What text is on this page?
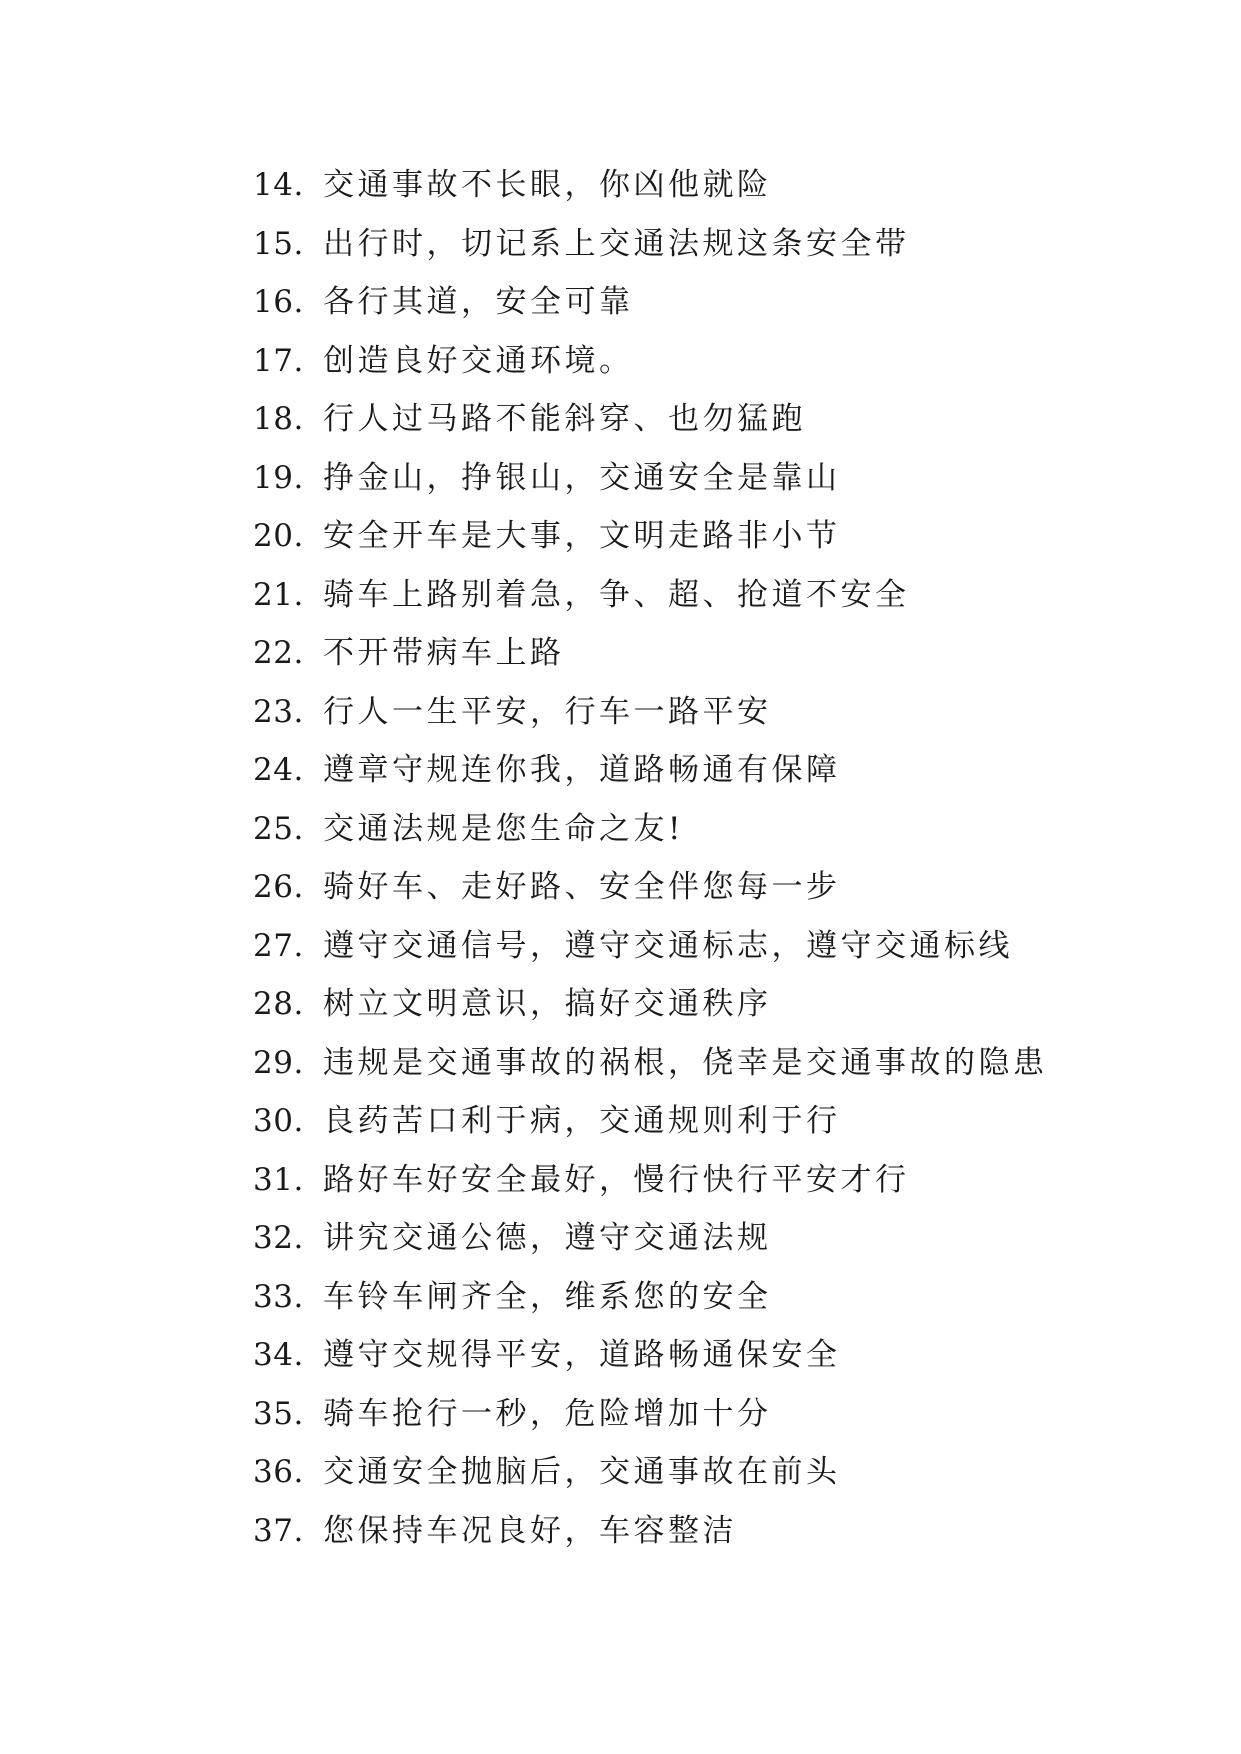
14. 交通事故不长眼，你凶他就险
15. 出行时，切记系上交通法规这条安全带
16. 各行其道，安全可靠
17. 创造良好交通环境。
18. 行人过马路不能斜穿、也勿猛跑
19. 挣金山，挣银山，交通安全是靠山
20. 安全开车是大事，文明走路非小节
21. 骑车上路别着急，争、超、抢道不安全
22. 不开带病车上路
23. 行人一生平安，行车一路平安
24. 遵章守规连你我，道路畅通有保障
25. 交通法规是您生命之友!
26. 骑好车、走好路、安全伴您每一步
27. 遵守交通信号，遵守交通标志，遵守交通标线
28. 树立文明意识，搞好交通秩序
29. 违规是交通事故的祸根，侥幸是交通事故的隐患
30. 良药苦口利于病，交通规则利于行
31. 路好车好安全最好，慢行快行平安才行
32. 讲究交通公德，遵守交通法规
33. 车铃车闸齐全，维系您的安全
34. 遵守交规得平安，道路畅通保安全
35. 骑车抢行一秒，危险增加十分
36. 交通安全抛脑后，交通事故在前头
37. 您保持车况良好，车容整洁
